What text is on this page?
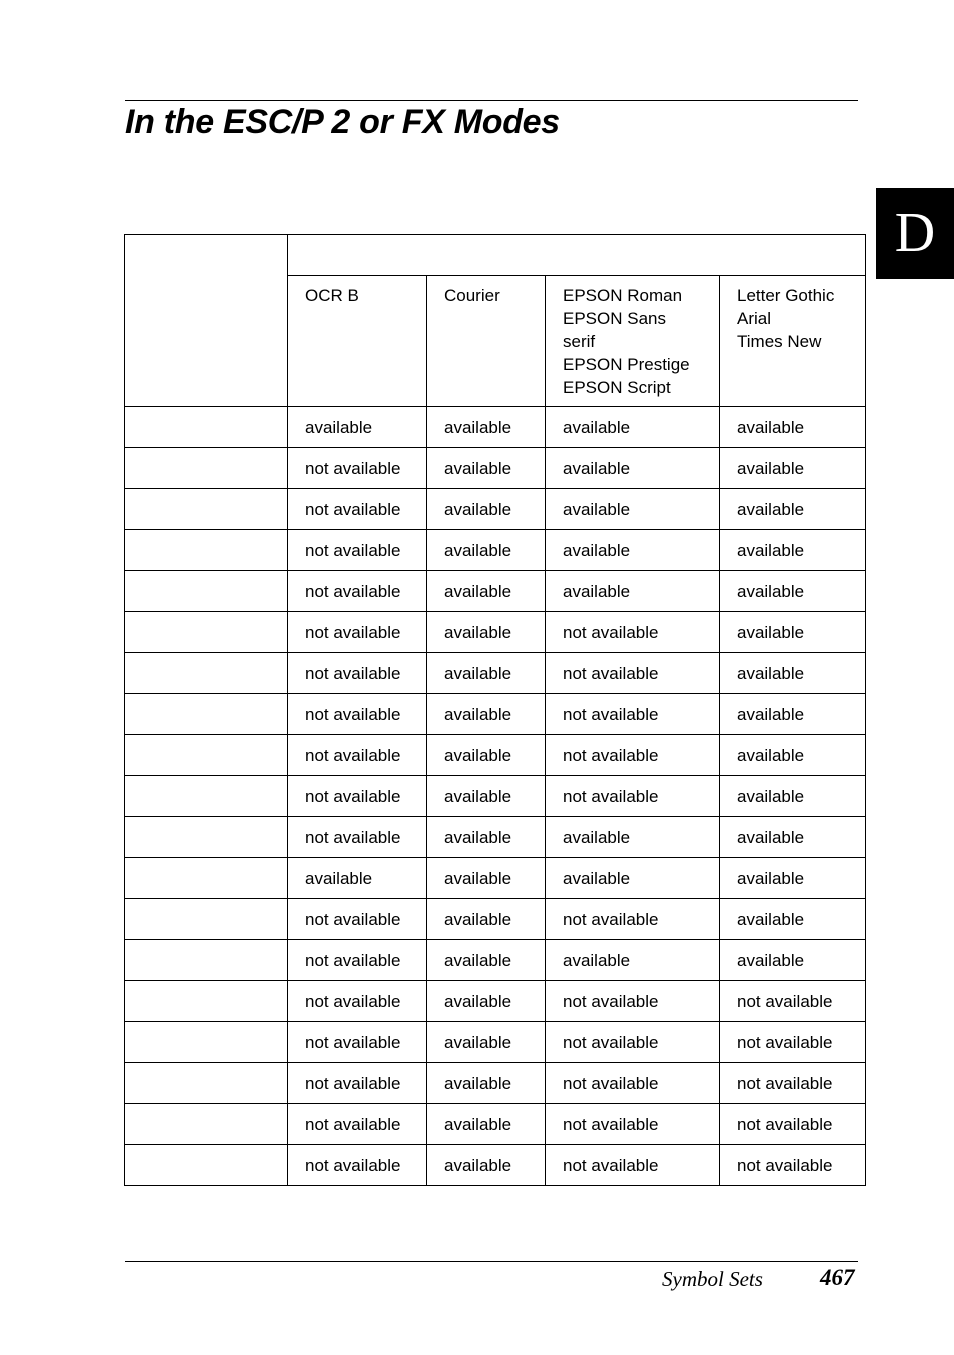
In the ESC/P 2 or FX Modes
D

	OCR B	Courier	EPSON Roman
EPSON Sans
serif
EPSON Prestige
EPSON Script	Letter Gothic
Arial
Times New

	available	available	available	available
	not available	available	available	available
	not available	available	available	available
	not available	available	available	available
	not available	available	available	available
	not available	available	not available	available
	not available	available	not available	available
	not available	available	not available	available
	not available	available	not available	available
	not available	available	not available	available
	not available	available	available	available
	available	available	available	available
	not available	available	not available	available
	not available	available	available	available
	not available	available	not available	not available
	not available	available	not available	not available
	not available	available	not available	not available
	not available	available	not available	not available
	not available	available	not available	not available
Symbol Sets 467
